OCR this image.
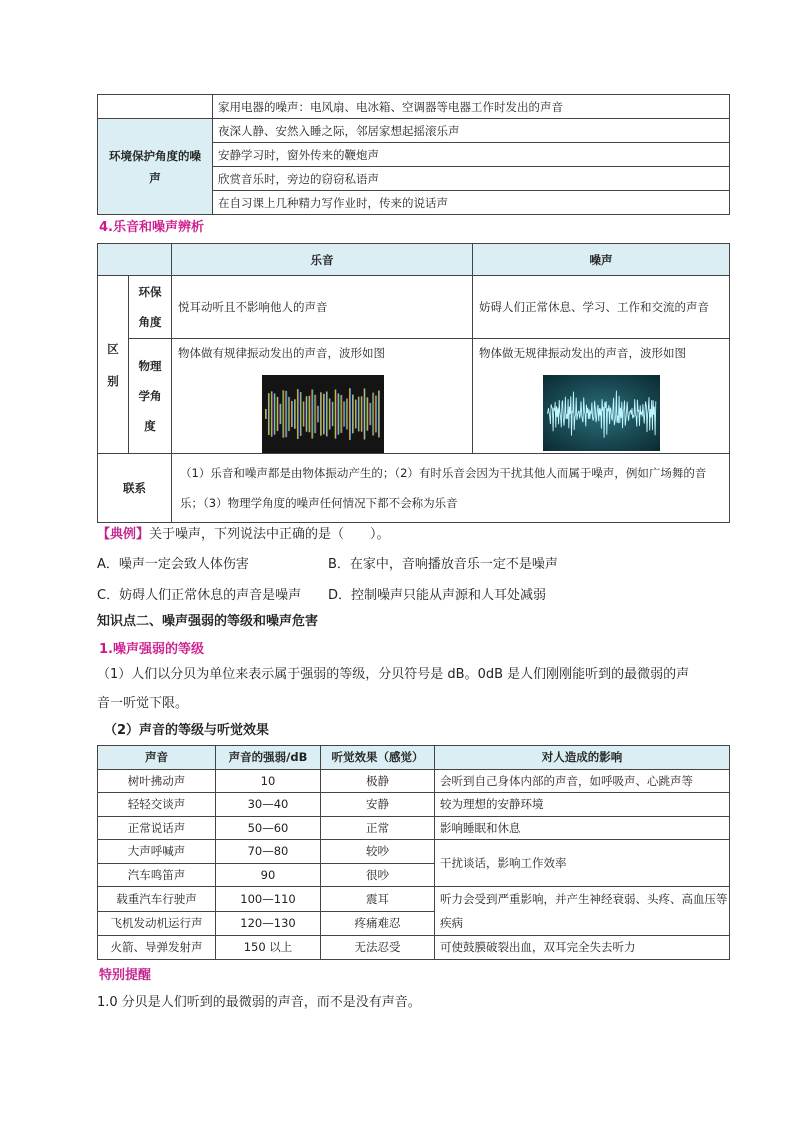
	家用电器的噪声：电风扇、电冰箱、空调器等电器工作时发出的声音
环境保护角度的噪声	夜深人静、安然入睡之际，邻居家想起摇滚乐声
	安静学习时，窗外传来的鞭炮声
	欣赏音乐时，旁边的窃窃私语声
	在自习课上几种精力写作业时，传来的说话声
4.乐音和噪声辨析
		乐音	噪声

区别	环保角度	悦耳动听且不影响他人的声音	妨碍人们正常休息、学习、工作和交流的声音

	物理学角度	物体做有规律振动发出的声音，波形如图	物体做无规律振动发出的声音，波形如图

联系		（1）乐音和噪声都是由物体振动产生的；（2）有时乐音会因为干扰其他人而属于噪声，例如广场舞的音乐；（3）物理学角度的噪声任何情况下都不会称为乐音	
【典例】关于噪声，下列说法中正确的是（　　）。
A．噪声一定会致人体伤害	B．在家中，音响播放音乐一定不是噪声
C．妨碍人们正常休息的声音是噪声 D．控制噪声只能从声源和人耳处减弱
知识点二、噪声强弱的等级和噪声危害
1.噪声强弱的等级
（1）人们以分贝为单位来表示属于强弱的等级，分贝符号是 dB。0dB 是人们刚刚能听到的最微弱的声
音一听觉下限。
（2）声音的等级与听觉效果
声音	声音的强弱/dB	听觉效果（感觉）	对人造成的影响
树叶拂动声	10	极静	会听到自己身体内部的声音，如呼吸声、心跳声等
轻轻交谈声	30—40	安静	较为理想的安静环境
正常说话声	50—60	正常	影响睡眠和休息
大声呼喊声	70—80	较吵	干扰谈话，影响工作效率
汽车鸣笛声	90	很吵	
载重汽车行驶声	100—110	震耳	听力会受到严重影响，并产生神经衰弱、头疼、高血压等疾病
飞机发动机运行声	120—130	疼痛难忍	
火箭、导弹发射声	150 以上	无法忍受	可使鼓膜破裂出血，双耳完全失去听力
特别提醒
1.0 分贝是人们听到的最微弱的声音，而不是没有声音。
